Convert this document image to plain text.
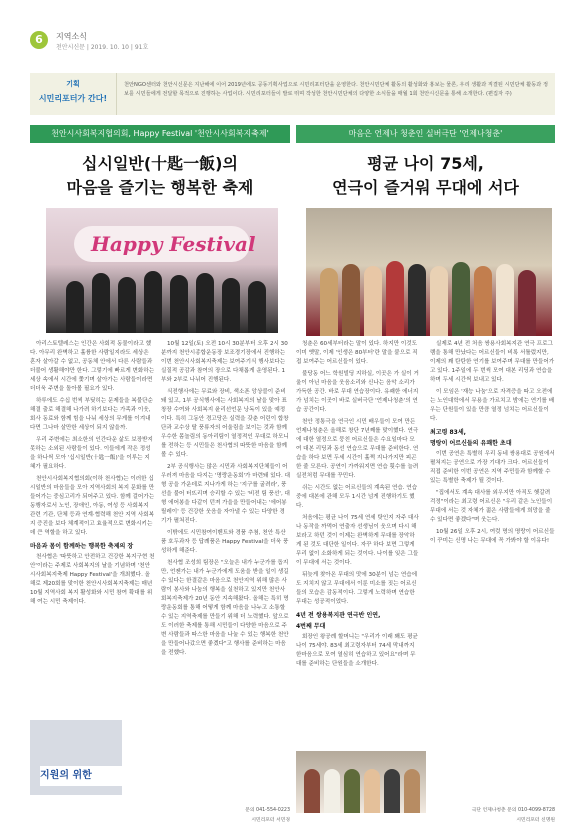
6	지역소식
천안시신문 | 2019. 10. 10 | 91호
기획
시민리포터가 간다!
천안NGO센터와 천안시신문은 지난해에 이어 2019년에도 공동기획사업으로 시민리포터단을 운영한다. 천안시민단체 활동의 활성화와 홍보는 물론, 우리 생활과 직결된 시민단체 활동과 정보를 시민들에게 전달할 목적으로 진행하는 사업이다. 시민리포터들이 발로 뛰며 작성한 천안시민단체의 다양한 소식들을 매월 1회 천안시신문을 통해 소개한다. (편집자 주)
천안시사회복지협의회, Happy Festival '천안시사회복지축제'	마음은 언제나 청춘인 실버극단 '언제나청춘'
십시일반(十匙一飯)의
마음을 즐기는 행복한 축제
평균 나이 75세,
연극이 즐거워 무대에 서다
Happy Festival

아리스토텔레스는 인간은 사회적 동물이라고 했다. 아무리 완벽하고 훌륭한 사람일지라도 세상은 혼자 살아갈 수 없고, 공동체 안에서 다른 사람들과 더불어 생활해야만 한다. 그렇기에 빠르게 변화하는 세상 속에서 시간에 쫓기며 살아가는 사람들이라면 더더욱 주변을 돌아볼 필요가 있다.

하루에도 수십 번씩 부딪히는 문제들을 복불단순해결 출로 해결해 나가려 하기보다는 가족과 이웃, 회사 동료와 함께 힘을 나눠 세상의 무게를 이겨내다면 그나마 살만한 세상이 되지 않을까.

우리 주변에는 최소한의 인간다운 삶도 보장받지 못하는 소외된 사람들이 있다. 이들에게 작은 정성을 하나씩 모아 '십시일반(十匙一飯)'을 이루는 지혜가 필요하다.

천안시사회복지협의회(이하 천사협)는 이러한 십시일반의 마음들을 모아 지역사회의 복지 문화를 만들어가는 중심고리가 되어주고 있다. 함께 걸어가는 동행자로서 노인, 장애인, 아동, 여성 등 사회복지 관련 기관, 단체 등과 연계·협력해 천안 지역 사회복지 증진을 보다 체계적이고 효율적으로 변화시키는 데 큰 역할을 하고 있다.

마음과 몸이 함께하는 행복한 축제의 장

천사협은 '따뜻하고 안전하고 건강한 복지구현 천안'이라는 주제로 사회복지의 날을 기념하며 '천안시사회복지축제 Happy Festival'을 개최했다. 올해로 제20회를 맞이한 천안시사회복지축제는 매년 10월 지역사회 복지 활성화와 시민 참여 확대를 위해 여는 시민 축제이다.

지원의 위한

10월 12일(토) 오전 10시 30분부터 오후 2시 30분까지 천안시종합운동장 보조경기장에서 진행하는 이번 천안시사회복지축제는 보여주기식 행사보다는 실질적 공감과 참여의 장으로 다채롭게 운영된다. 1부와 2부로 나뉘어 진행된다.

식전행사에는 무료와 장비, 색소폰 앙상블이 준비돼 있고, 1부 공식행사에는 사회복지의 날을 맞아 표창장 수여와 사회복지 윤리선언문 낭독이 있을 예정이다. 특히 그동안 경고당은 실력을 갖춘 어린이 합창단과 교수상 탈 풍류자의 어울림을 보이는 것과 함께 우수한 몸놀림의 동아리팀이 열정적인 무대로 하모니를 전하는 등 시민들은 천사협의 따뜻한 마음을 함께 볼 수 있다.

2부 공식행사는 많은 시민과 사회복지단체들이 어우러져 마음을 다지는 '명랑운동회'가 마련돼 있다. 대형 공을 가운데로 지나가게 하는 '지구를 굴려라', 풍선을 불어 터뜨리며 승리할 수 있는 '비전 팀 풍선', 대형 에어봉을 다같이 던져 가을을 만들어내는 '에어봉 릴레이' 등 건강한 웃음을 자아낼 수 있는 다양한 경기가 펼쳐진다.

이밖에도 시민참여이벤트와 경품 추첨, 천안 특산품 호두과자 등 답례품은 Happy Festival을 더욱 풍성하게 해준다.

천사협 조성희 팀장은 "오늘은 내가 누군가를 돕지만, 언젠가는 내가 누군가에게 도움을 받을 일이 생길 수 있다는 한결같은 마음으로 천안지역 위해 많은 사람이 봉사와 나눔의 행복을 실천하고 있지만 천안사회복지축제가 20년 동안 지속해왔다. 올해는 특히 명랑운동회를 통해 어떻게 함께 마음을 나누고 소통할 수 있는 지역축제를 만들기 위해 더 노력했다. 앞으로도 이러한 축제를 통해 시민들이 다양한 마음으로 주변 사람들과 따스한 마음을 나눌 수 있는 행복한 천안을 만들어나갔으면 좋겠다"고 행사를 준비하는 마음을 전했다.

문의 041-554-0223
시민리포터 서민경

청춘은 60세부터라는 말이 있다. 하지만 이것도 이미 옛말, 이제 '인생은 80부터'란 말을 붙으로 직접 보여주는 어르신들이 있다.

불당동 어느 학원빌딩 지하실, 이곳은 가 실이 거울이 아닌 마음을 웃음소리와 신나는 음악 소리가 가득한 공간. 바로 무대 연습장이다. 유쾌한 에너지가 넘치는 이곳이 바로 실버극단 '언제나청춘'의 연습 공간이다.

천안 정통극을 연극인 시민 배우들이 모여 만든 언제나청춘은 올해로 창단 7년째를 맞이했다. 연극에 대한 열정으로 뭉친 어르신들은 수요일마다 모여 대본 리딩과 동선 연습으로 무대를 준비한다. 연습을 하다 보면 두세 시간이 훌쩍 지나가지만 피곤한 줄 모른다. 공연이 가까워지면 연습 횟수를 늘려 실전처럼 무대를 꾸민다.

쉬는 시간도 없는 어르신들의 계속된 연습. 연습 중에 대본에 관해 모두 1시간 넘게 진행하기도 했다.

처음에는 평균 나이 75세 연세 탓인지 자주 대사나 동작을 까먹어 연출자 선생님이 웃으며 다시 해보라고 하던 것이 이제는 완벽하게 무대를 장악하게 된 것도 대단한 일이다. 자꾸 하다 보면 그렇게 무리 없이 소화하게 되는 것이다. 나이를 잊은 그들이 무대에 서는 것이다.

뒤늦게 찾아온 무대의 맛에 30분이 넘는 연습에도 지치지 않고 무대에서 이룬 미소를 짓는 어르신들의 모습은 감동적이다. 그렇게 노력하며 연습한 무대는 성공적이었다.

4년 전 쌍용복지관 연극반 인연,
4번째 무대

회장인 왕공례 할머니는 "우리가 이래 봬도 평균나이 75세야. 83세 최고령자부터 74세 막내까지 한마음으로 모여 열심히 연습하고 있어요"라며 무대를 준비하는 단원들을 소개한다.

실제로 4년 전 처음 쌍용사회복지관 연극 프로그램을 통해 만났다는 어르신들이 비록 서툴렀지만, 이제의 꽤 탄탄한 연기를 보여주며 무대를 만들어가고 있다. 1주일에 두 번씩 모여 대본 리딩과 연습을 하며 두세 시간씩 보내고 있다.

이 모임은 '재능 나눔'으로 자격증을 따고 오전에는 노인대학에서 무용을 가르치고 밤에는 연기를 배우는 단원들이 있을 만큼 열정 넘치는 어르신들이다.

최고령 83세,
명랑이 어르신들의 유쾌한 초대

이번 공연은 특별히 우리 동네 쌍용대로 공원에서 펼쳐지는 공연으로 가장 기대가 크다. 어르신들이 직접 준비한 이번 공연은 지역 주민들과 함께할 수 있는 특별한 축제가 될 것이다.

"집에서도 계속 대사를 외우지만 아직도 헷갈려 걱정"이라는 최고령 어르신은 "우리 같은 노인들이 무대에 서는 것 자체가 젊은 사람들에게 희망을 줄 수 있다면 좋겠다"며 웃는다.

10월 26일 오후 2시, 여럿 명의 명랑이 어르신들이 꾸미는 신명 나는 무대에 꼭 가봐야 할 이유다!

극단 언제나청춘 문의 010-4099-8728
시민리포터 신명원
